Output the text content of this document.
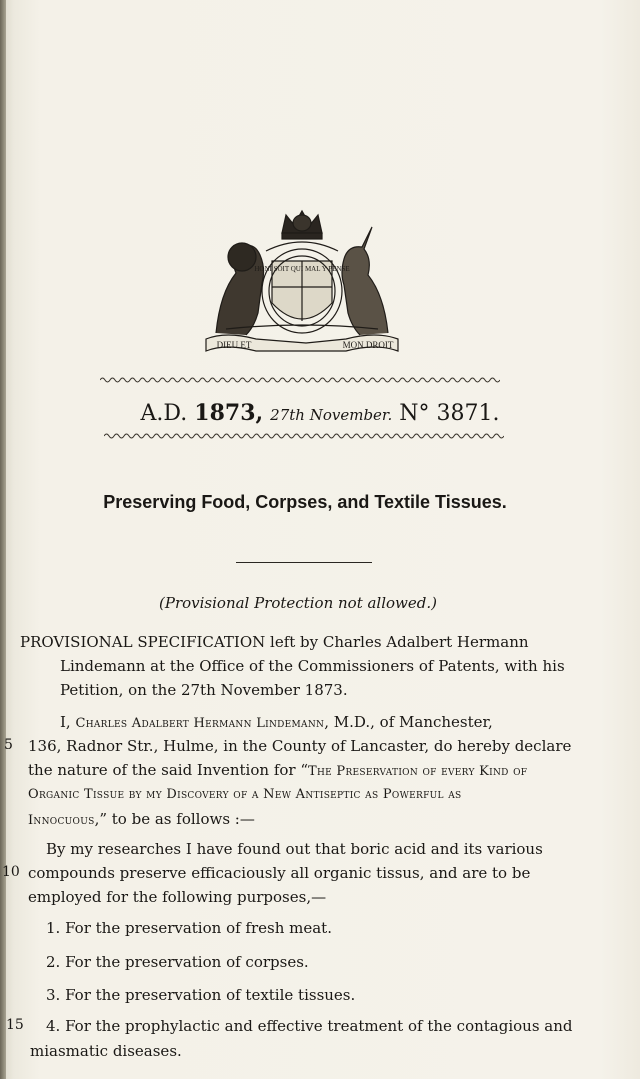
HONI SOIT QUI MAL Y PENSE
DIEU ET	MON DROIT
A.D. 1873, 27th November. N° 3871.
Preserving Food, Corpses, and Textile Tissues.
(Provisional Protection not allowed.)
PROVISIONAL SPECIFICATION left by Charles Adalbert Hermann
Lindemann at the Office of the Commissioners of Patents, with his
Petition, on the 27th November 1873.
I, Charles Adalbert Hermann Lindemann, M.D., of Manchester,
5 136, Radnor Str., Hulme, in the County of Lancaster, do hereby declare
the nature of the said Invention for “The Preservation of every Kind of
Organic Tissue by my Discovery of a New Antiseptic as Powerful as
Innocuous,” to be as follows :—
By my researches I have found out that boric acid and its various
10 compounds preserve efficaciously all organic tissus, and are to be
employed for the following purposes,—
1. For the preservation of fresh meat.
2. For the preservation of corpses.
3. For the preservation of textile tissues.
15 4. For the prophylactic and effective treatment of the contagious and
miasmatic diseases.
